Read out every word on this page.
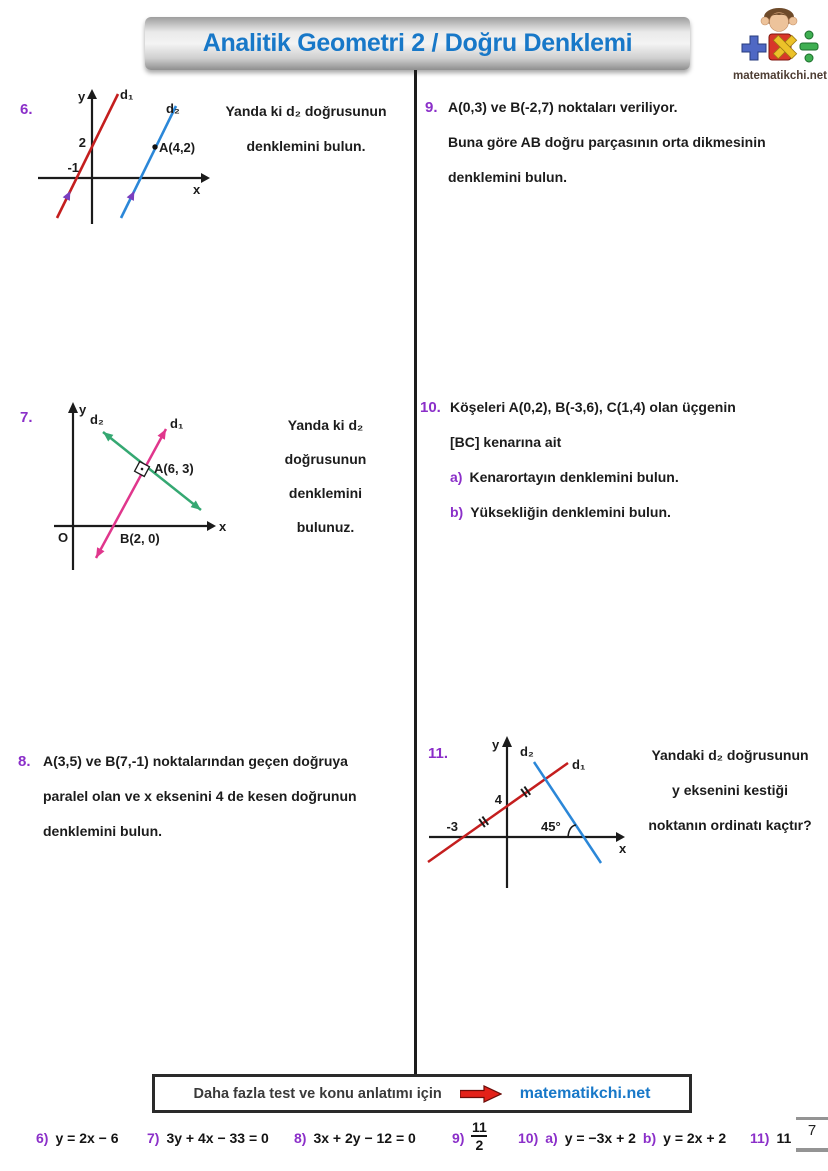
Analitik Geometri 2 / Doğru Denklemi
matematikchi.net
6.
y
x
d₁
d₂
2
-1
A(4,2)
Yanda ki d₂ doğrusunun
denklemini bulun.
9. A(0,3) ve B(-2,7) noktaları veriliyor.
Buna göre AB doğru parçasının orta dikmesinin
denklemini bulun.
7.	y
x
O
d₂	d₁
A(6, 3)
B(2, 0)
Yanda ki d₂
doğrusunun
denklemini
bulunuz.
10. Köşeleri A(0,2), B(-3,6), C(1,4) olan üçgenin
[BC] kenarına ait
a) Kenarortayın denklemini bulun.
b) Yüksekliğin denklemini bulun.
8. A(3,5) ve B(7,-1) noktalarından geçen doğruya
paralel olan ve x eksenini 4 de kesen doğrunun
denklemini bulun.
11.
y
x
d₁
d₂
4
-3	45°
Yandaki d₂ doğrusunun
y eksenini kestiği
noktanın ordinatı kaçtır?
Daha fazla test ve konu anlatımı için	matematikchi.net
6) y = 2x − 6 7) 3y + 4x − 33 = 0 8) 3x + 2y − 12 = 0	$9) \frac{11}{2} 10$) a) y = −3x + 2 b) y = 2x + 2 11) 11	7
